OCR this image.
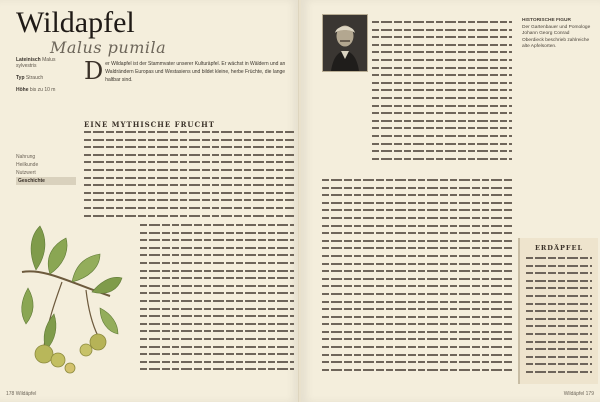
Wildapfel
Malus pumila
Lateinisch Malus sylvestris
Typ Strauch
Höhe bis zu 10 m
Nahrung
Heilkunde
Nutzwert
Geschichte
D er Wildapfel ist der Stammvater unserer Kulturäpfel. Er wächst in Wäldern und an Waldrändern Europas und Westasiens und bildet kleine, herbe Früchte, die lange haltbar sind.
EINE MYTHISCHE FRUCHT
178 Wildäpfel
HISTORISCHE FIGUR
Der Gartenbauer und Pomologe Johann Georg Conrad Oberdieck beschrieb zahlreiche alte Apfelsorten.
ERDÄPFEL
Wildäpfel 179
